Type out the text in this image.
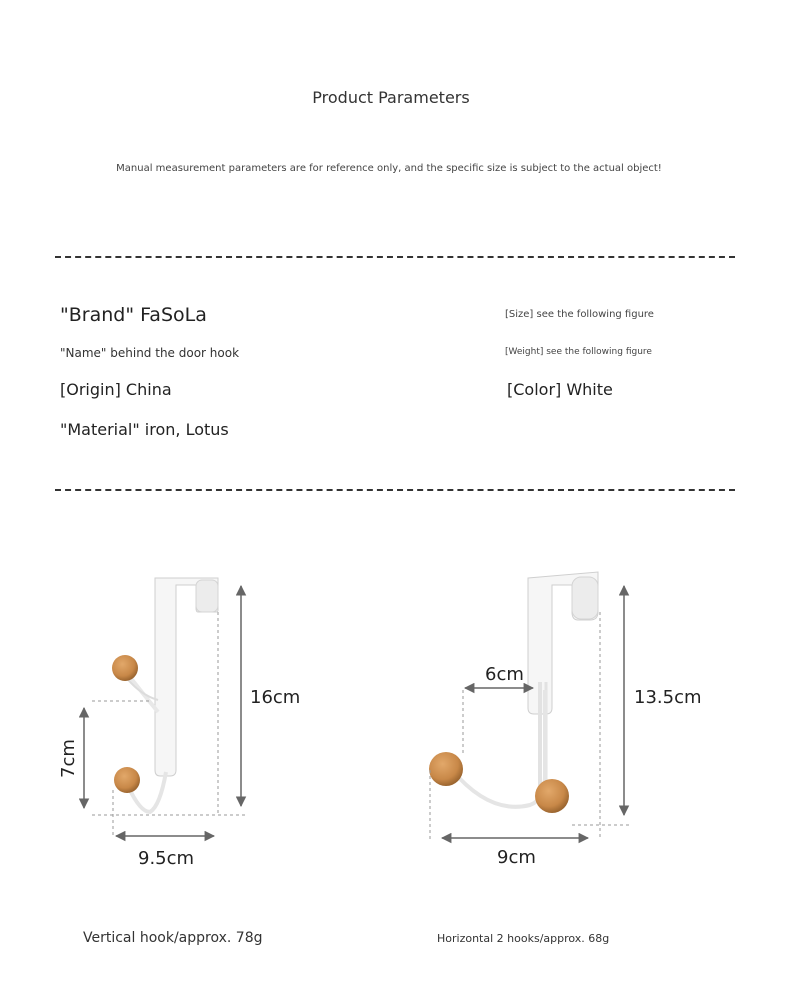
Product Parameters
Manual measurement parameters are for reference only, and the specific size is subject to the actual object!
"Brand" FaSoLa
"Name" behind the door hook
[Origin] China
"Material" iron, Lotus
[Size] see the following figure
[Weight] see the following figure
[Color] White
16cm
7cm
9.5cm
13.5cm
6cm
9cm
Vertical hook/approx. 78g	Horizontal 2 hooks/approx. 68g
